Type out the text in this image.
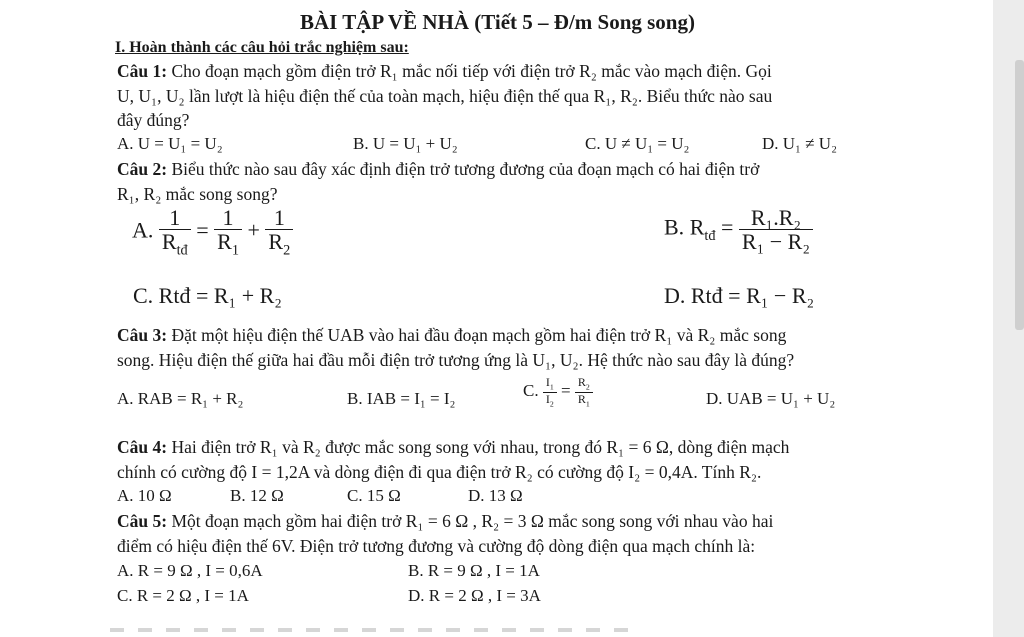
BÀI TẬP VỀ NHÀ (Tiết 5 – Đ/m Song song)
I. Hoàn thành các câu hỏi trắc nghiệm sau:
Câu 1: Cho đoạn mạch gồm điện trở R₁ mắc nối tiếp với điện trở R₂ mắc vào mạch điện. Gọi
U, U₁, U₂ lần lượt là hiệu điện thế của toàn mạch, hiệu điện thế qua R₁, R₂. Biểu thức nào sau
đây đúng?
A. U = U₁ = U₂	B. U = U₁ + U₂	C. U ≠ U₁ = U₂	D. U₁ ≠ U₂
Câu 2: Biểu thức nào sau đây xác định điện trở tương đương của đoạn mạch có hai điện trở
R₁, R₂ mắc song song?
A. $\frac{1}{R_{tđ}} = \frac{1}{R_1} + \frac{1}{R_2}$	B. $R_{tđ} = \frac{\text{R₁.R₂}}{\text{R₁ − R₂}}$
C. Rtđ = R₁ + R₂	D. Rtđ = R₁ − R₂
Câu 3: Đặt một hiệu điện thế UAB vào hai đầu đoạn mạch gồm hai điện trở R₁ và R₂ mắc song
song. Hiệu điện thế giữa hai đầu mỗi điện trở tương ứng là U₁, U₂. Hệ thức nào sau đây là đúng?
A. RAB = R₁ + R₂	B. IAB = I₁ = I₂	C. $\frac{I_1}{I_2} = \frac{R_2}{R_1}$	D. UAB = U₁ + U₂
Câu 4: Hai điện trở R₁ và R₂ được mắc song song với nhau, trong đó R₁ = 6 Ω, dòng điện mạch
chính có cường độ I = 1,2A và dòng điện đi qua điện trở R₂ có cường độ I₂ = 0,4A. Tính R₂.
A. 10 Ω	B. 12 Ω	C. 15 Ω	D. 13 Ω
Câu 5: Một đoạn mạch gồm hai điện trở R₁ = 6 Ω , R₂ = 3 Ω mắc song song với nhau vào hai
điểm có hiệu điện thế 6V. Điện trở tương đương và cường độ dòng điện qua mạch chính là:
A. R = 9 Ω , I = 0,6A	B. R = 9 Ω , I = 1A
C. R = 2 Ω , I = 1A	D. R = 2 Ω , I = 3A
